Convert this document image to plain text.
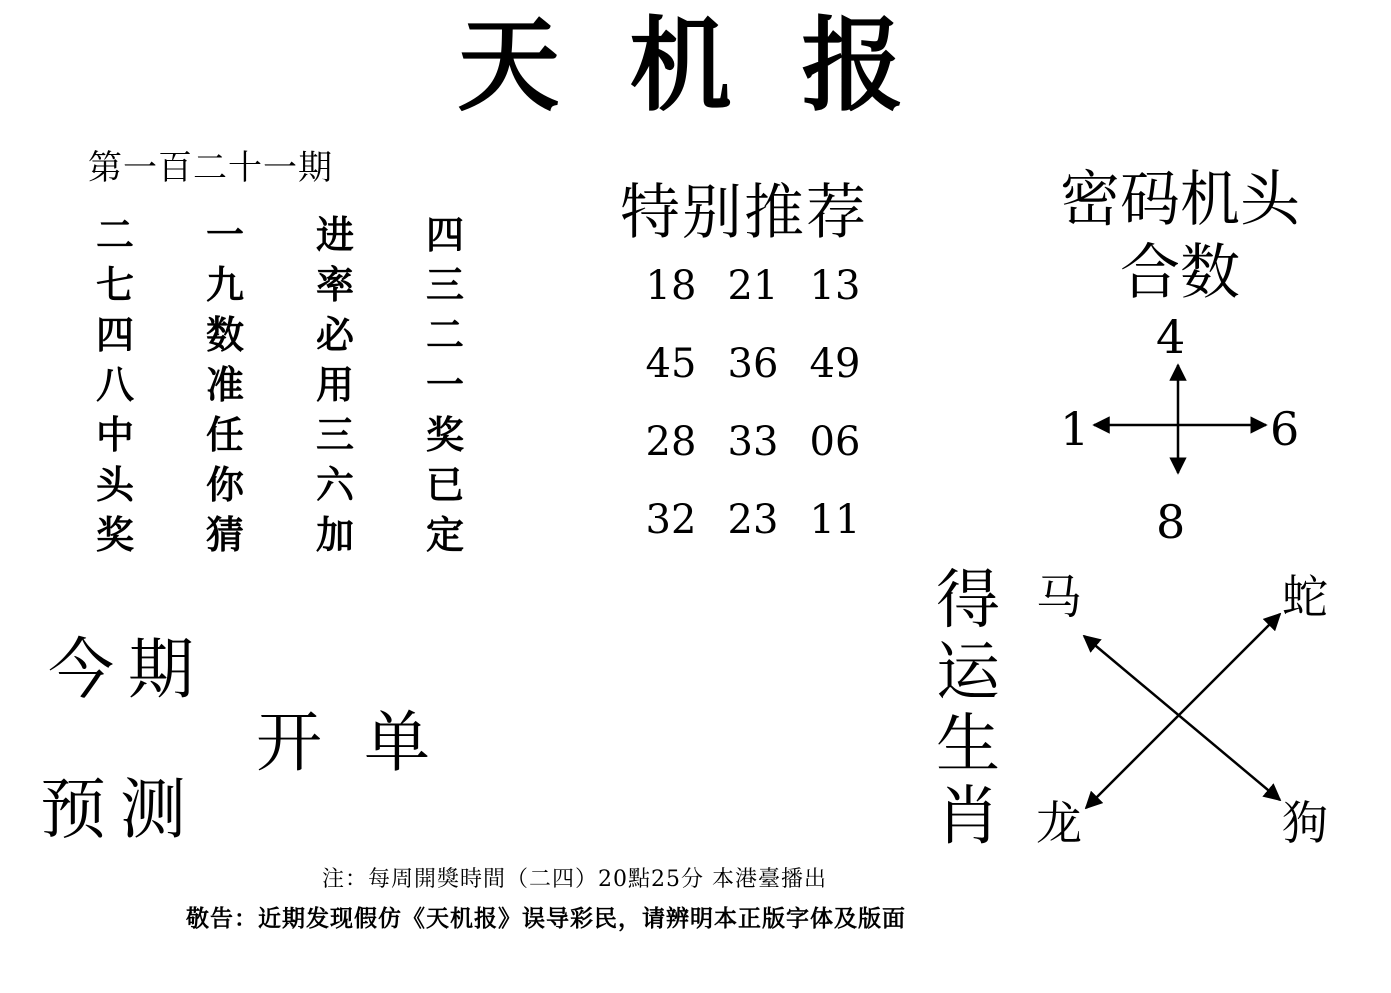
天机报
第一百二十一期
二	一	进	四
七	九	率	三
四	数	必	二
八	准	用	一
中	任	三	奖
头	你	六	已
奖	猜	加	定
特别推荐
18 21 13
45 36 49
28 33 06
32 23 11
密码机头
合数
4
1	6
8
得
运
生
肖
马	蛇
龙	狗
今期
预测
开 单
注：每周開獎時間（二四）20點25分 本港臺播出
敬告：近期发现假仿《天机报》误导彩民，请辨明本正版字体及版面
